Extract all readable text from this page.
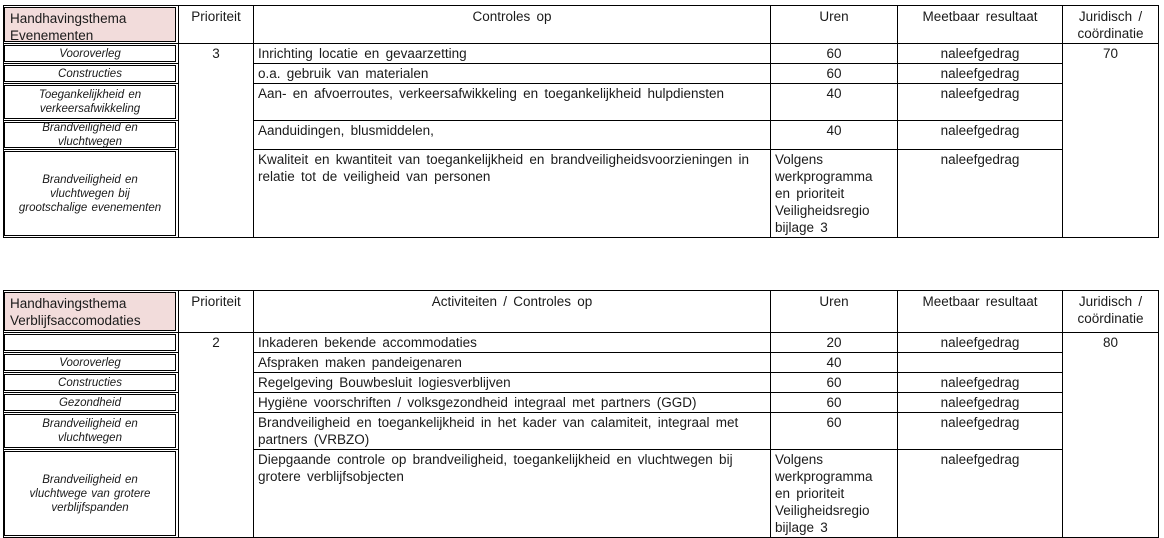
Handhavingsthema Evenementen	Prioriteit	Controles op	Uren	Meetbaar resultaat	Juridisch / coördinatie

Vooroverleg	3	Inrichting locatie en gevaarzetting	60	naleefgedrag	70

Constructies		o.a. gebruik van materialen	60	naleefgedrag	

Toegankelijkheid en verkeersafwikkeling		Aan- en afvoerroutes, verkeersafwikkeling en toegankelijkheid hulpdiensten	40	naleefgedrag	

Brandveiligheid en vluchtwegen		Aanduidingen, blusmiddelen,	40	naleefgedrag	

Brandveiligheid en vluchtwegen bij grootschalige evenementen		Kwaliteit en kwantiteit van toegankelijkheid en brandveiligheidsvoorzieningen in relatie tot de veiligheid van personen	Volgens werkprogramma en prioriteit Veiligheidsregio bijlage 3	naleefgedrag	
Handhavingsthema Verblijfsaccomodaties	Prioriteit	Activiteiten / Controles op	Uren	Meetbaar resultaat	Juridisch / coördinatie

	2	Inkaderen bekende accommodaties	20	naleefgedrag	80

Vooroverleg		Afspraken maken pandeigenaren	40		

Constructies		Regelgeving Bouwbesluit logiesverblijven	60	naleefgedrag	

Gezondheid		Hygiëne voorschriften / volksgezondheid integraal met partners (GGD)	60	naleefgedrag	

Brandveiligheid en vluchtwegen		Brandveiligheid en toegankelijkheid in het kader van calamiteit, integraal met partners (VRBZO)	60	naleefgedrag	

Brandveiligheid en vluchtwege van grotere verblijfspanden		Diepgaande controle op brandveiligheid, toegankelijkheid en vluchtwegen bij grotere verblijfsobjecten	Volgens werkprogramma en prioriteit Veiligheidsregio bijlage 3	naleefgedrag	
